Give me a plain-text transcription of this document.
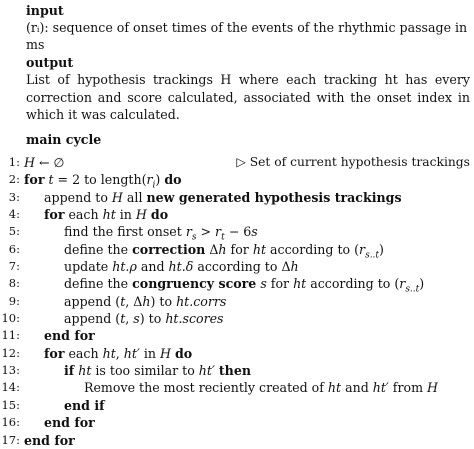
input
(rᵢ): sequence of onset times of the events of the rhythmic passage in ms
output
List of hypothesis trackings H where each tracking ht has every correction and score calculated, associated with the onset index in which it was calculated.
main cycle
1: H ← ∅	▷ Set of current hypothesis trackings
2: for t = 2 to $length(r_i)$ do
3:	append to H all new generated hypothesis trackings
4:	for each ht in H do
5:	find the first onset $r_s > r_t - 6s$
6:	define the correction Δh for ht according to $(r_{s..t})$
7:	update ht.ρ and ht.δ according to Δh
8:	define the congruency score s for ht according to $(r_{s..t})$
9:	append (t, Δh) to ht.corrs
10:	append (t, s) to ht.scores
11:	end for
12:	for each ht, ht′ in H do
13:	if ht is too similar to ht′ then
14:	Remove the most reciently created of ht and ht′ from H
15:	end if
16:	end for
17: end for
